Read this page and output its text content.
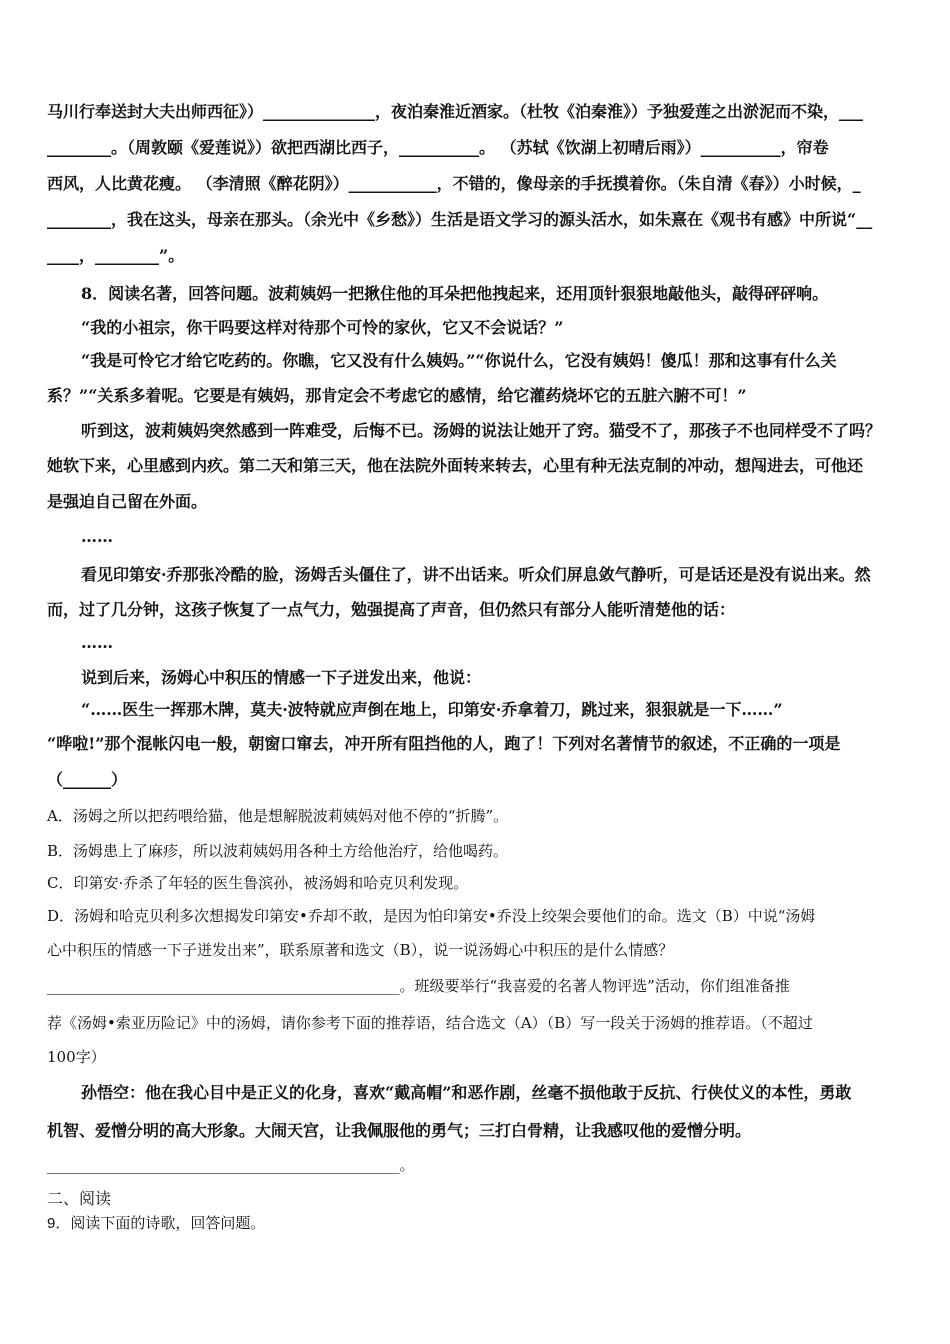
马川行奉送封大夫出师西征》）______________，夜泊秦淮近酒家。（杜牧《泊秦淮》）予独爱莲之出淤泥而不染，___
________。（周敦颐《爱莲说》）欲把西湖比西子，__________。 （苏轼《饮湖上初晴后雨》）__________，帘卷
西风，人比黄花瘦。 （李清照《醉花阴》）___________，不错的，像母亲的手抚摸着你。（朱自清《春》）小时候，_
________，我在这头，母亲在那头。（余光中《乡愁》）生活是语文学习的源头活水，如朱熹在《观书有感》中所说“__
____，________”。
8．阅读名著，回答问题。波莉姨妈一把揪住他的耳朵把他拽起来，还用顶针狠狠地敲他头，敲得砰砰响。
“我的小祖宗，你干吗要这样对待那个可怜的家伙，它又不会说话？”
“我是可怜它才给它吃药的。你瞧，它又没有什么姨妈。”“你说什么，它没有姨妈！傻瓜！那和这事有什么关
系？”“关系多着呢。它要是有姨妈，那肯定会不考虑它的感情，给它灌药烧坏它的五脏六腑不可！”
听到这，波莉姨妈突然感到一阵难受，后悔不已。汤姆的说法让她开了窍。猫受不了，那孩子不也同样受不了吗？
她软下来，心里感到内疚。第二天和第三天，他在法院外面转来转去，心里有种无法克制的冲动，想闯进去，可他还
是强迫自己留在外面。
……
看见印第安·乔那张冷酷的脸，汤姆舌头僵住了，讲不出话来。听众们屏息敛气静听，可是话还是没有说出来。然
而，过了几分钟，这孩子恢复了一点气力，勉强提高了声音，但仍然只有部分人能听清楚他的话：
……
说到后来，汤姆心中积压的情感一下子迸发出来，他说：
“……医生一挥那木牌，莫夫·波特就应声倒在地上，印第安·乔拿着刀，跳过来，狠狠就是一下……”
“哗啦!”那个混帐闪电一般，朝窗口窜去，冲开所有阻挡他的人，跑了！下列对名著情节的叙述，不正确的一项是
（______）
A．汤姆之所以把药喂给猫，他是想解脱波莉姨妈对他不停的“折腾”。
B．汤姆患上了麻疹，所以波莉姨妈用各种土方给他治疗，给他喝药。
C．印第安·乔杀了年轻的医生鲁滨孙，被汤姆和哈克贝利发现。
D．汤姆和哈克贝利多次想揭发印第安•乔却不敢，是因为怕印第安•乔没上绞架会要他们的命。选文（B）中说“汤姆
心中积压的情感一下子迸发出来”，联系原著和选文（B），说一说汤姆心中积压的是什么情感？
_______________________________________________。班级要举行“我喜爱的名著人物评选”活动，你们组准备推
荐《汤姆•索亚历险记》中的汤姆，请你参考下面的推荐语，结合选文（A）（B）写一段关于汤姆的推荐语。（不超过
100字）
孙悟空：他在我心目中是正义的化身，喜欢“戴高帽”和恶作剧，丝毫不损他敢于反抗、行侠仗义的本性，勇敢
机智、爱憎分明的高大形象。大闹天宫，让我佩服他的勇气；三打白骨精，让我感叹他的爱憎分明。
_______________________________________________。
二、阅读
9．阅读下面的诗歌，回答问题。
